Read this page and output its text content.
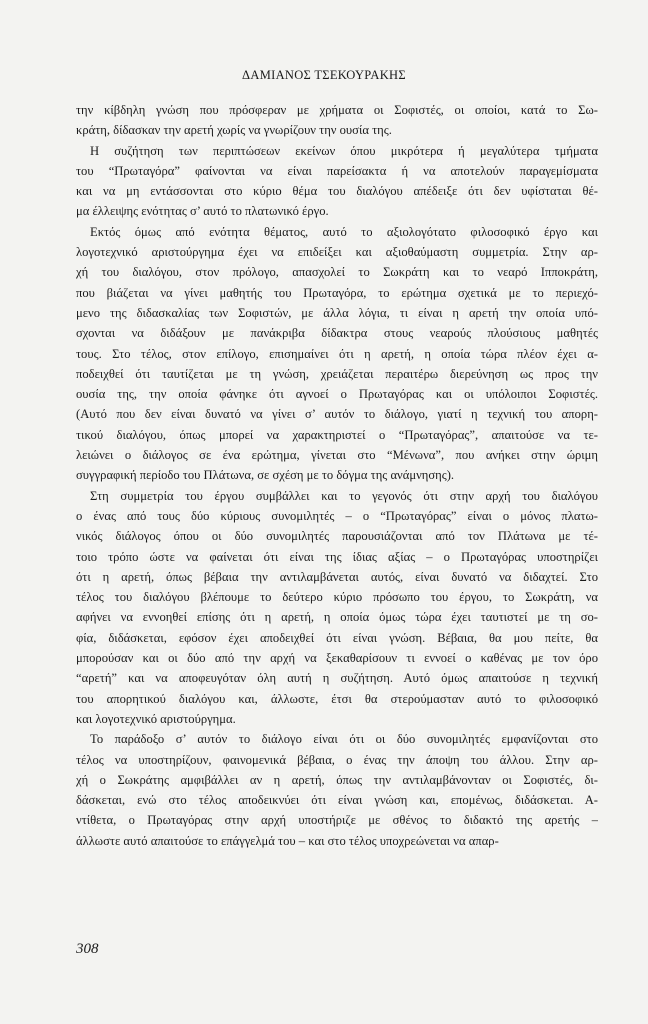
ΔΑΜΙΑΝΟΣ ΤΣΕΚΟΥΡΑΚΗΣ
την κίβδηλη γνώση που πρόσφεραν με χρήματα οι Σοφιστές, οι οποίοι, κατά το Σω-
κράτη, δίδασκαν την αρετή χωρίς να γνωρίζουν την ουσία της.
Η συζήτηση των περιπτώσεων εκείνων όπου μικρότερα ή μεγαλύτερα τμήματα
του “Πρωταγόρα” φαίνονται να είναι παρείσακτα ή να αποτελούν παραγεμίσματα
και να μη εντάσσονται στο κύριο θέμα του διαλόγου απέδειξε ότι δεν υφίσταται θέ-
μα έλλειψης ενότητας σ’ αυτό το πλατωνικό έργο.
Εκτός όμως από ενότητα θέματος, αυτό το αξιολογότατο φιλοσοφικό έργο και
λογοτεχνικό αριστούργημα έχει να επιδείξει και αξιοθαύμαστη συμμετρία. Στην αρ-
χή του διαλόγου, στον πρόλογο, απασχολεί το Σωκράτη και το νεαρό Ιπποκράτη,
που βιάζεται να γίνει μαθητής του Πρωταγόρα, το ερώτημα σχετικά με το περιεχό-
μενο της διδασκαλίας των Σοφιστών, με άλλα λόγια, τι είναι η αρετή την οποία υπό-
σχονται να διδάξουν με πανάκριβα δίδακτρα στους νεαρούς πλούσιους μαθητές
τους. Στο τέλος, στον επίλογο, επισημαίνει ότι η αρετή, η οποία τώρα πλέον έχει α-
ποδειχθεί ότι ταυτίζεται με τη γνώση, χρειάζεται περαιτέρω διερεύνηση ως προς την
ουσία της, την οποία φάνηκε ότι αγνοεί ο Πρωταγόρας και οι υπόλοιποι Σοφιστές.
(Αυτό που δεν είναι δυνατό να γίνει σ’ αυτόν το διάλογο, γιατί η τεχνική του απορη-
τικού διαλόγου, όπως μπορεί να χαρακτηριστεί ο “Πρωταγόρας”, απαιτούσε να τε-
λειώνει ο διάλογος σε ένα ερώτημα, γίνεται στο “Μένωνα”, που ανήκει στην ώριμη
συγγραφική περίοδο του Πλάτωνα, σε σχέση με το δόγμα της ανάμνησης).
Στη συμμετρία του έργου συμβάλλει και το γεγονός ότι στην αρχή του διαλόγου
ο ένας από τους δύο κύριους συνομιλητές – ο “Πρωταγόρας” είναι ο μόνος πλατω-
νικός διάλογος όπου οι δύο συνομιλητές παρουσιάζονται από τον Πλάτωνα με τέ-
τοιο τρόπο ώστε να φαίνεται ότι είναι της ίδιας αξίας – ο Πρωταγόρας υποστηρίζει
ότι η αρετή, όπως βέβαια την αντιλαμβάνεται αυτός, είναι δυνατό να διδαχτεί. Στο
τέλος του διαλόγου βλέπουμε το δεύτερο κύριο πρόσωπο του έργου, το Σωκράτη, να
αφήνει να εννοηθεί επίσης ότι η αρετή, η οποία όμως τώρα έχει ταυτιστεί με τη σο-
φία, διδάσκεται, εφόσον έχει αποδειχθεί ότι είναι γνώση. Βέβαια, θα μου πείτε, θα
μπορούσαν και οι δύο από την αρχή να ξεκαθαρίσουν τι εννοεί ο καθένας με τον όρο
“αρετή” και να αποφευγόταν όλη αυτή η συζήτηση. Αυτό όμως απαιτούσε η τεχνική
του απορητικού διαλόγου και, άλλωστε, έτσι θα στερούμασταν αυτό το φιλοσοφικό
και λογοτεχνικό αριστούργημα.
Το παράδοξο σ’ αυτόν το διάλογο είναι ότι οι δύο συνομιλητές εμφανίζονται στο
τέλος να υποστηρίζουν, φαινομενικά βέβαια, ο ένας την άποψη του άλλου. Στην αρ-
χή ο Σωκράτης αμφιβάλλει αν η αρετή, όπως την αντιλαμβάνονταν οι Σοφιστές, δι-
δάσκεται, ενώ στο τέλος αποδεικνύει ότι είναι γνώση και, επομένως, διδάσκεται. Α-
ντίθετα, ο Πρωταγόρας στην αρχή υποστήριζε με σθένος το διδακτό της αρετής –
άλλωστε αυτό απαιτούσε το επάγγελμά του – και στο τέλος υποχρεώνεται να απαρ-
308
